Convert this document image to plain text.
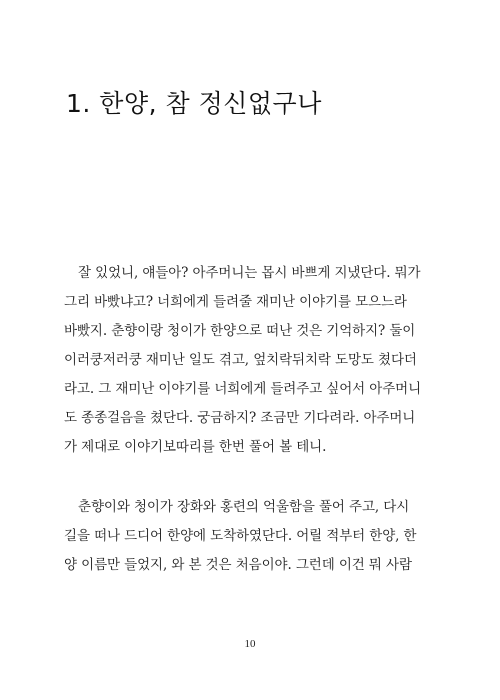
1. 한양, 참 정신없구나
잘 있었니, 얘들아? 아주머니는 몹시 바쁘게 지냈단다. 뭐가
그리 바빴냐고? 너희에게 들려줄 재미난 이야기를 모으느라
바빴지. 춘향이랑 청이가 한양으로 떠난 것은 기억하지? 둘이
이러쿵저러쿵 재미난 일도 겪고, 엎치락뒤치락 도망도 쳤다더
라고. 그 재미난 이야기를 너희에게 들려주고 싶어서 아주머니
도 종종걸음을 쳤단다. 궁금하지? 조금만 기다려라. 아주머니
가 제대로 이야기보따리를 한번 풀어 볼 테니.
춘향이와 청이가 장화와 홍련의 억울함을 풀어 주고, 다시
길을 떠나 드디어 한양에 도착하였단다. 어릴 적부터 한양, 한
양 이름만 들었지, 와 본 것은 처음이야. 그런데 이건 뭐 사람
10
